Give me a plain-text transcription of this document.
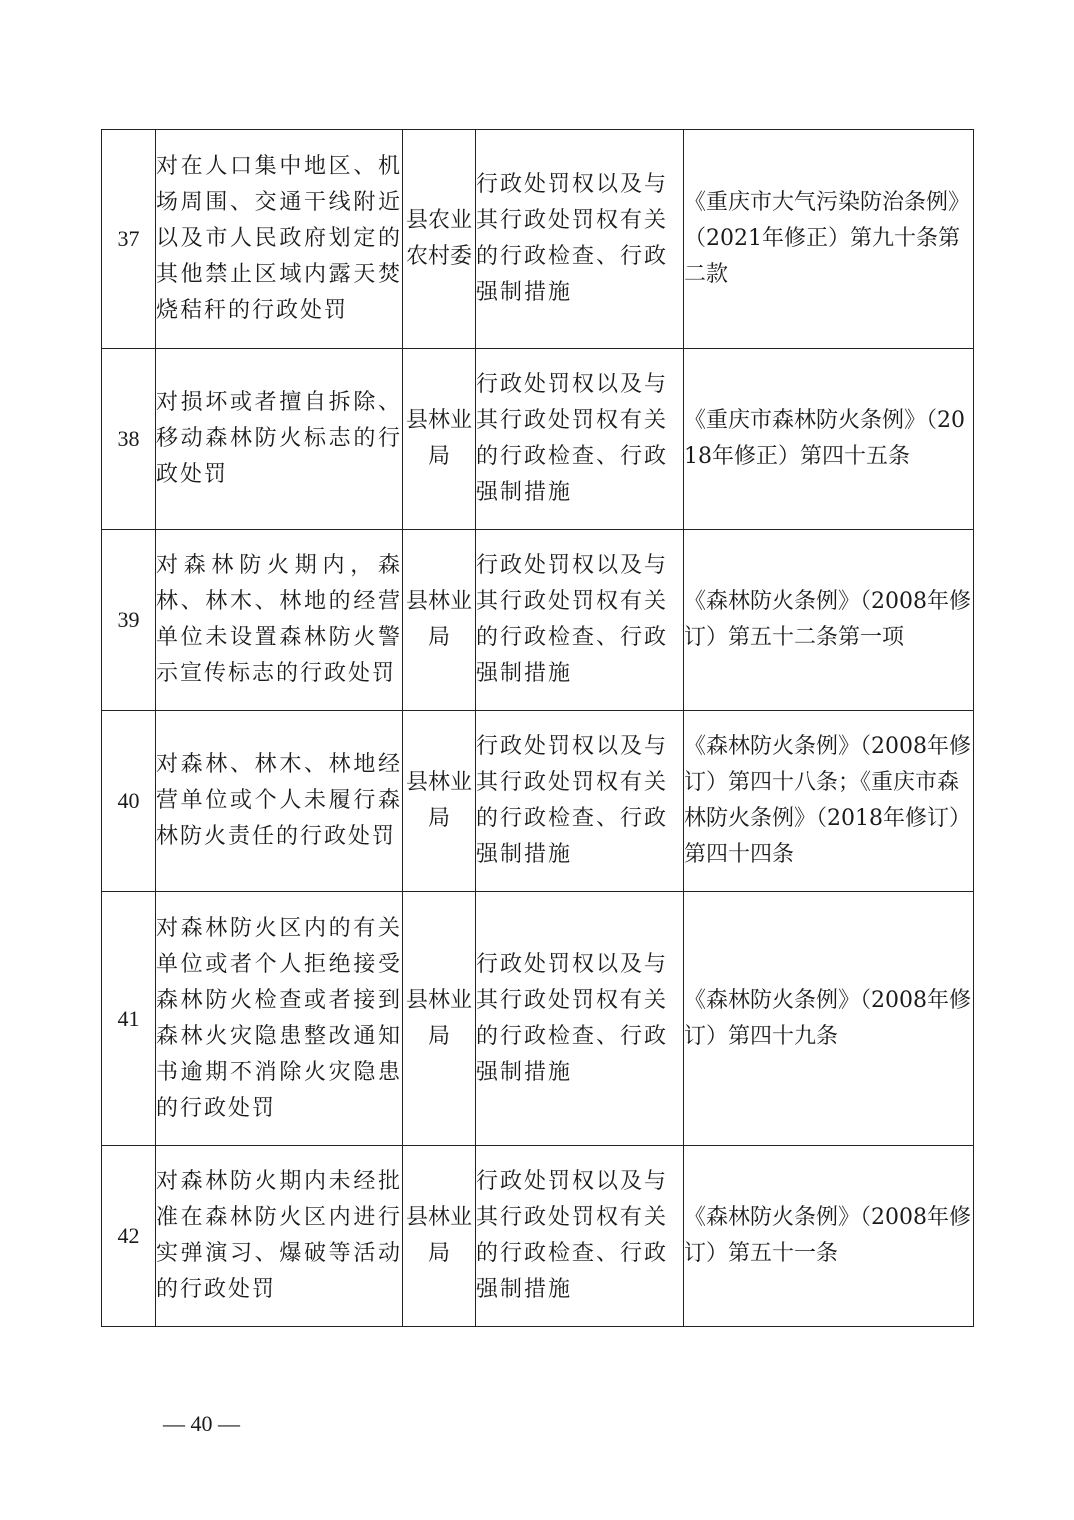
37	对在人口集中地区、机场周围、交通干线附近以及市人民政府划定的其他禁止区域内露天焚烧秸秆的行政处罚	县农业农村委	行政处罚权以及与其行政处罚权有关的行政检查、行政强制措施	《重庆市大气污染防治条例》（2021年修正）第九十条第二款

38	对损坏或者擅自拆除、移动森林防火标志的行政处罚	县林业局	行政处罚权以及与其行政处罚权有关的行政检查、行政强制措施	《重庆市森林防火条例》（2018年修正）第四十五条

39	对森林防火期内，森林、林木、林地的经营单位未设置森林防火警示宣传标志的行政处罚	县林业局	行政处罚权以及与其行政处罚权有关的行政检查、行政强制措施	《森林防火条例》（2008年修订）第五十二条第一项

40	对森林、林木、林地经营单位或个人未履行森林防火责任的行政处罚	县林业局	行政处罚权以及与其行政处罚权有关的行政检查、行政强制措施	《森林防火条例》（2008年修订）第四十八条；《重庆市森林防火条例》（2018年修订）第四十四条

41	对森林防火区内的有关单位或者个人拒绝接受森林防火检查或者接到森林火灾隐患整改通知书逾期不消除火灾隐患的行政处罚	县林业局	行政处罚权以及与其行政处罚权有关的行政检查、行政强制措施	《森林防火条例》（2008年修订）第四十九条

42	对森林防火期内未经批准在森林防火区内进行实弹演习、爆破等活动的行政处罚	县林业局	行政处罚权以及与其行政处罚权有关的行政检查、行政强制措施	《森林防火条例》（2008年修订）第五十一条
— 40 —
